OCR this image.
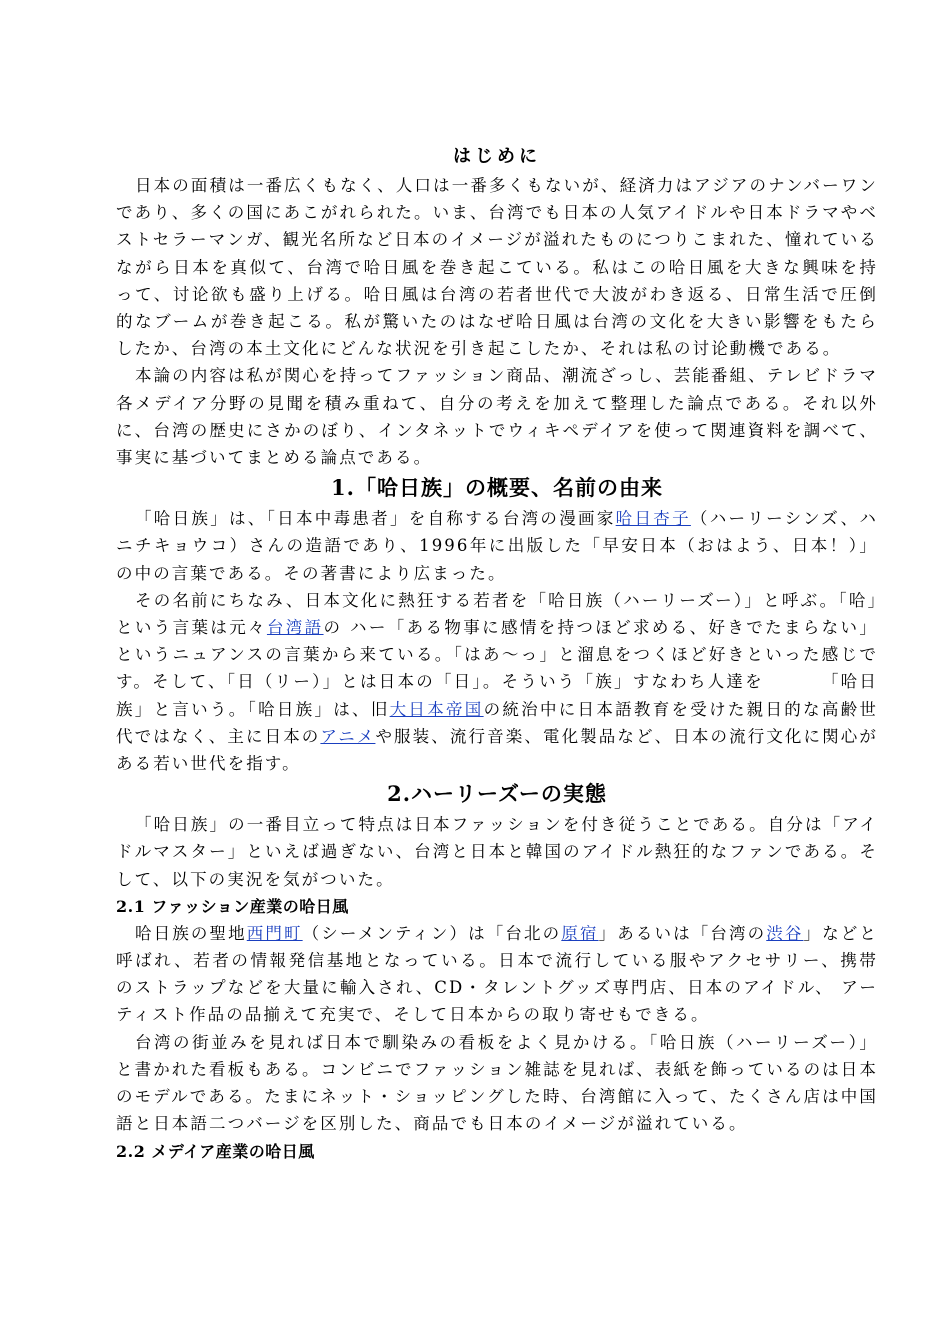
はじめに

日本の面積は一番広くもなく、人口は一番多くもないが、経済力はアジアのナンバーワンであり、多くの国にあこがれられた。いま、台湾でも日本の人気アイドルや日本ドラマやベストセラーマンガ、観光名所など日本のイメージが溢れたものにつりこまれた、憧れているながら日本を真似て、台湾で哈日風を巻き起こている。私はこの哈日風を大きな興味を持って、讨论欲も盛り上げる。哈日風は台湾の若者世代で大波がわき返る、日常生活で圧倒的なブームが巻き起こる。私が驚いたのはなぜ哈日風は台湾の文化を大きい影響をもたらしたか、台湾の本土文化にどんな状況を引き起こしたか、それは私の讨论動機である。

本論の内容は私が関心を持ってファッション商品、潮流ざっし、芸能番組、テレビドラマ各メデイア分野の見聞を積み重ねて、自分の考えを加えて整理した論点である。それ以外に、台湾の歴史にさかのぼり、インタネットでウィキペデイアを使って関連資料を調べて、事実に基づいてまとめる論点である。

1.「哈日族」の概要、名前の由来

「哈日族」は、「日本中毒患者」を自称する台湾の漫画家哈日杏子（ハーリーシンズ、ハニチキョウコ）さんの造語であり、1996年に出版した「早安日本（おはよう、日本！）」の中の言葉である。その著書により広まった。

その名前にちなみ、日本文化に熱狂する若者を「哈日族（ハーリーズー）」と呼ぶ。「哈」という言葉は元々台湾語の ハー「ある物事に感情を持つほど求める、好きでたまらない」というニュアンスの言葉から来ている。「はあ〜っ」と溜息をつくほど好きといった感じです。そして、「日（リー）」とは日本の「日」。そういう「族」すなわち人達を	「哈日族」と言いう。「哈日族」は、旧大日本帝国の統治中に日本語教育を受けた親日的な高齢世代ではなく、主に日本のアニメや服装、流行音楽、電化製品など、日本の流行文化に関心がある若い世代を指す。

2.ハーリーズーの実態

「哈日族」の一番目立って特点は日本ファッションを付き従うことである。自分は「アイドルマスター」といえば過ぎない、台湾と日本と韓国のアイドル熱狂的なファンである。そして、以下の実況を気がついた。

2.1 ファッション産業の哈日風

哈日族の聖地西門町（シーメンティン）は「台北の原宿」あるいは「台湾の渋谷」などと呼ばれ、若者の情報発信基地となっている。日本で流行している服やアクセサリー、携帯のストラップなどを大量に輸入され、CD・タレントグッズ専門店、日本のアイドル、 アーティスト作品の品揃えて充実で、そして日本からの取り寄せもできる。

台湾の街並みを見れば日本で馴染みの看板をよく見かける。「哈日族（ハーリーズー）」と書かれた看板もある。コンビニでファッション雑誌を見れば、表紙を飾っているのは日本のモデルである。たまにネット・ショッピングした時、台湾館に入って、たくさん店は中国語と日本語二つバージを区別した、商品でも日本のイメージが溢れている。

2.2 メデイア産業の哈日風
